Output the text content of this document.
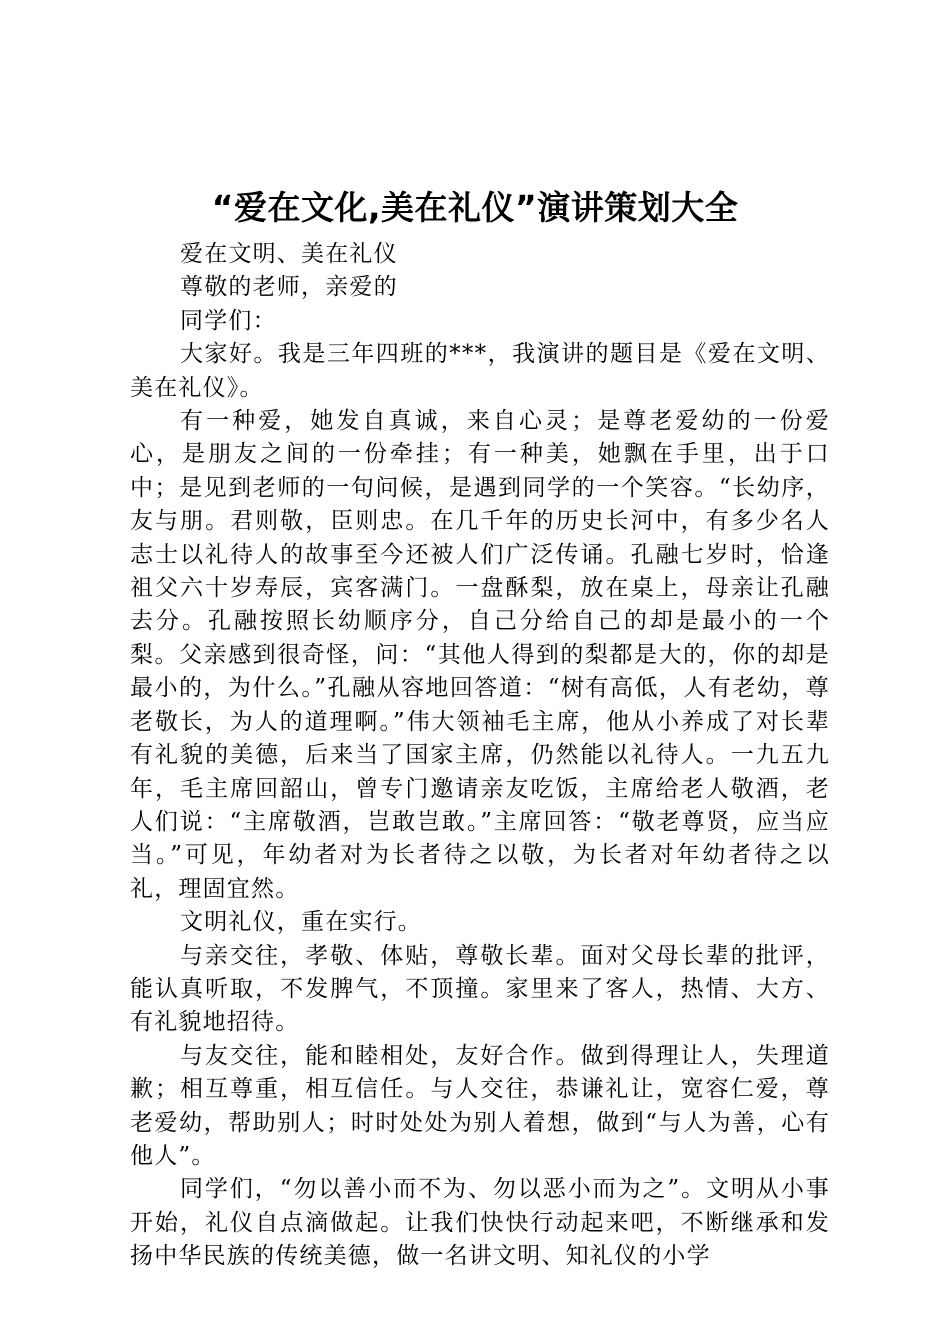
“爱在文化,美在礼仪”演讲策划大全

爱在文明、美在礼仪

尊敬的老师，亲爱的

同学们：

大家好。我是三年四班的***，我演讲的题目是《爱在文明、美在礼仪》。

有一种爱，她发自真诚，来自心灵；是尊老爱幼的一份爱心，是朋友之间的一份牵挂；有一种美，她飘在手里，出于口中；是见到老师的一句问候，是遇到同学的一个笑容。“长幼序，友与朋。君则敬，臣则忠。在几千年的历史长河中，有多少名人志士以礼待人的故事至今还被人们广泛传诵。孔融七岁时，恰逢祖父六十岁寿辰，宾客满门。一盘酥梨，放在桌上，母亲让孔融去分。孔融按照长幼顺序分，自己分给自己的却是最小的一个梨。父亲感到很奇怪，问：“其他人得到的梨都是大的，你的却是最小的，为什么。”孔融从容地回答道：“树有高低，人有老幼，尊老敬长，为人的道理啊。”伟大领袖毛主席，他从小养成了对长辈有礼貌的美德，后来当了国家主席，仍然能以礼待人。一九五九年，毛主席回韶山，曾专门邀请亲友吃饭，主席给老人敬酒，老人们说：“主席敬酒，岂敢岂敢。”主席回答：“敬老尊贤，应当应当。”可见，年幼者对为长者待之以敬，为长者对年幼者待之以礼，理固宜然。

文明礼仪，重在实行。

与亲交往，孝敬、体贴，尊敬长辈。面对父母长辈的批评，能认真听取，不发脾气，不顶撞。家里来了客人，热情、大方、有礼貌地招待。

与友交往，能和睦相处，友好合作。做到得理让人，失理道歉；相互尊重，相互信任。与人交往，恭谦礼让，宽容仁爱，尊老爱幼，帮助别人；时时处处为别人着想，做到“与人为善，心有他人”。

同学们，“勿以善小而不为、勿以恶小而为之”。文明从小事开始，礼仪自点滴做起。让我们快快行动起来吧，不断继承和发扬中华民族的传统美德，做一名讲文明、知礼仪的小学
